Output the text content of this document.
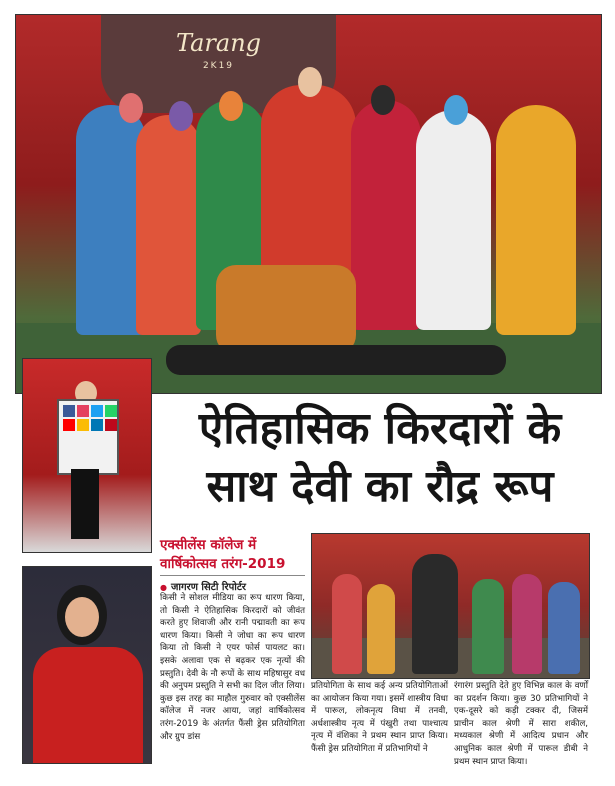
Tarang
2K19
ऐतिहासिक किरदारों के
साथ देवी का रौद्र रूप
एक्सीलेंस कॉलेज में
वार्षिकोत्सव तरंग-2019
● जागरण सिटी रिपोर्टर
किसी ने सोशल मीडिया का रूप धारण किया, तो किसी ने ऐतिहासिक किरदारों को जीवंत करते हुए शिवाजी और रानी पद्मावती का रूप धारण किया। किसी ने जोधा का रूप धारण किया तो किसी ने एयर फोर्स पायलट का। इसके अलावा एक से बढ़कर एक नृत्यों की प्रस्तुति। देवी के नौ रूपों के साथ महिषासुर वध की अनुपम प्रस्तुति ने सभी का दिल जीत लिया। कुछ इस तरह का माहौल गुरुवार को एक्सीलेंस कॉलेज में नजर आया, जहां वार्षिकोत्सव तरंग-2019 के अंतर्गत फैंसी ड्रेस प्रतियोगिता और ग्रुप डांस
प्रतियोगिता के साथ कई अन्य प्रतियोगिताओं का आयोजन किया गया। इसमें शास्त्रीय विधा में पारूल, लोकनृत्य विधा में तनवी, अर्धशास्त्रीय नृत्य में पंखुरी तथा पाश्चात्य नृत्य में वंशिका ने प्रथम स्थान प्राप्त किया। फैंसी ड्रेस प्रतियोगिता में प्रतिभागियों ने
रंगारंग प्रस्तुति देते हुए विभिन्न काल के वर्णों का प्रदर्शन किया। कुछ 30 प्रतिभागियों ने एक-दूसरे को कड़ी टक्कर दी, जिसमें प्राचीन काल श्रेणी में सारा शकील, मध्यकाल श्रेणी में आदित्य प्रधान और आधुनिक काल श्रेणी में पारूल डीबी ने प्रथम स्थान प्राप्त किया।
